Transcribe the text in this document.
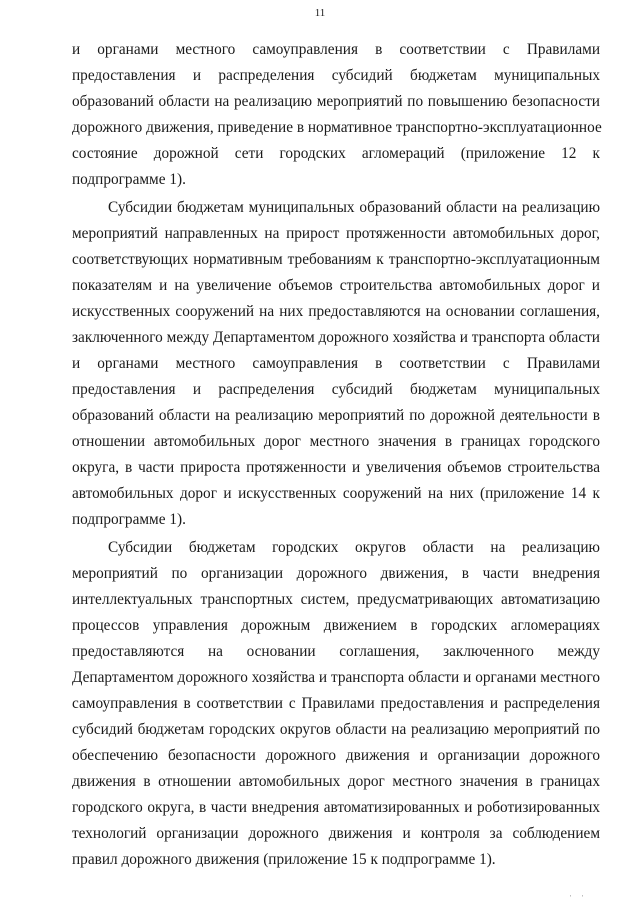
11
и органами местного самоуправления в соответствии с Правилами
предоставления и распределения субсидий бюджетам муниципальных
образований области на реализацию мероприятий по повышению безопасности
дорожного движения, приведение в нормативное транспортно-эксплуатационное
состояние дорожной сети городских агломераций (приложение 12 к
подпрограмме 1).
Субсидии бюджетам муниципальных образований области на реализацию
мероприятий направленных на прирост протяженности автомобильных дорог,
соответствующих нормативным требованиям к транспортно-эксплуатационным
показателям и на увеличение объемов строительства автомобильных дорог и
искусственных сооружений на них предоставляются на основании соглашения,
заключенного между Департаментом дорожного хозяйства и транспорта области
и органами местного самоуправления в соответствии с Правилами
предоставления и распределения субсидий бюджетам муниципальных
образований области на реализацию мероприятий по дорожной деятельности в
отношении автомобильных дорог местного значения в границах городского
округа, в части прироста протяженности и увеличения объемов строительства
автомобильных дорог и искусственных сооружений на них (приложение 14 к
подпрограмме 1).
Субсидии бюджетам городских округов области на реализацию
мероприятий по организации дорожного движения, в части внедрения
интеллектуальных транспортных систем, предусматривающих автоматизацию
процессов управления дорожным движением в городских агломерациях
предоставляются на основании соглашения, заключенного между
Департаментом дорожного хозяйства и транспорта области и органами местного
самоуправления в соответствии с Правилами предоставления и распределения
субсидий бюджетам городских округов области на реализацию мероприятий по
обеспечению безопасности дорожного движения и организации дорожного
движения в отношении автомобильных дорог местного значения в границах
городского округа, в части внедрения автоматизированных и роботизированных
технологий организации дорожного движения и контроля за соблюдением
правил дорожного движения (приложение 15 к подпрограмме 1).
ˈ ˈ
